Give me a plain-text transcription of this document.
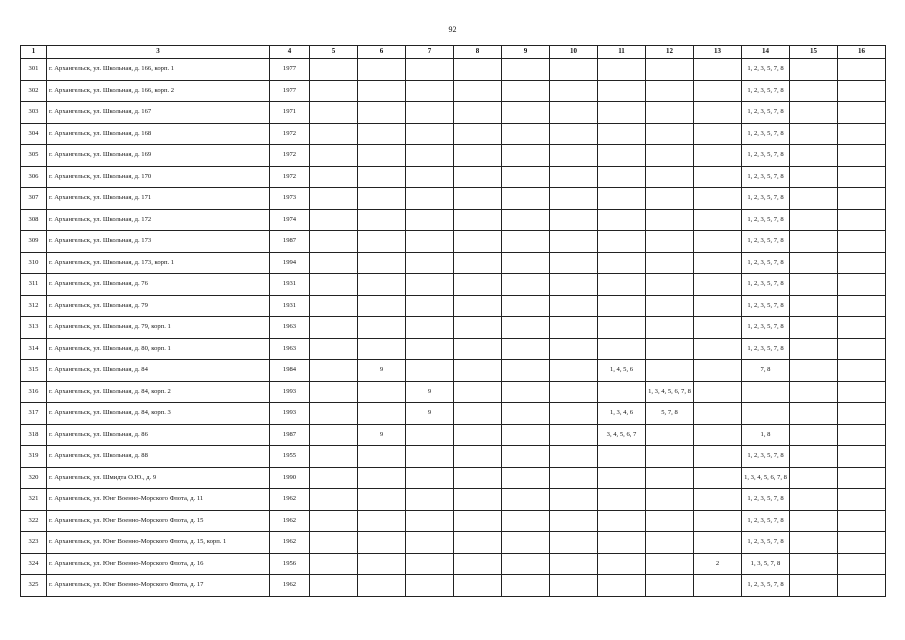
92
1	3	4	5	6	7	8	9	10	11	12	13	14	15	16
301	г. Архангельск, ул. Школьная, д. 166, корп. 1	1977										1, 2, 3, 5, 7, 8		
302	г. Архангельск, ул. Школьная, д. 166, корп. 2	1977										1, 2, 3, 5, 7, 8		
303	г. Архангельск, ул. Школьная, д. 167	1971										1, 2, 3, 5, 7, 8		
304	г. Архангельск, ул. Школьная, д. 168	1972										1, 2, 3, 5, 7, 8		
305	г. Архангельск, ул. Школьная, д. 169	1972										1, 2, 3, 5, 7, 8		
306	г. Архангельск, ул. Школьная, д. 170	1972										1, 2, 3, 5, 7, 8		
307	г. Архангельск, ул. Школьная, д. 171	1973										1, 2, 3, 5, 7, 8		
308	г. Архангельск, ул. Школьная, д. 172	1974										1, 2, 3, 5, 7, 8		
309	г. Архангельск, ул. Школьная, д. 173	1987										1, 2, 3, 5, 7, 8		
310	г. Архангельск, ул. Школьная, д. 173, корп. 1	1994										1, 2, 3, 5, 7, 8		
311	г. Архангельск, ул. Школьная, д. 76	1931										1, 2, 3, 5, 7, 8		
312	г. Архангельск, ул. Школьная, д. 79	1931										1, 2, 3, 5, 7, 8		
313	г. Архангельск, ул. Школьная, д. 79, корп. 1	1963										1, 2, 3, 5, 7, 8		
314	г. Архангельск, ул. Школьная, д. 80, корп. 1	1963										1, 2, 3, 5, 7, 8		
315	г. Архангельск, ул. Школьная, д. 84	1984		9					1, 4, 5, 6			7, 8		
316	г. Архангельск, ул. Школьная, д. 84, корп. 2	1993			9					1, 3, 4, 5, 6, 7, 8				
317	г. Архангельск, ул. Школьная, д. 84, корп. 3	1993			9				1, 3, 4, 6	5, 7, 8				
318	г. Архангельск, ул. Школьная, д. 86	1987		9					3, 4, 5, 6, 7			1, 8		
319	г. Архангельск, ул. Школьная, д. 88	1955										1, 2, 3, 5, 7, 8		
320	г. Архангельск, ул. Шмидта О.Ю., д. 9	1990										1, 3, 4, 5, 6, 7, 8		
321	г. Архангельск, ул. Юнг Военно-Морского Флота, д. 11	1962										1, 2, 3, 5, 7, 8		
322	г. Архангельск, ул. Юнг Военно-Морского Флота, д. 15	1962										1, 2, 3, 5, 7, 8		
323	г. Архангельск, ул. Юнг Военно-Морского Флота, д. 15, корп. 1	1962										1, 2, 3, 5, 7, 8		
324	г. Архангельск, ул. Юнг Военно-Морского Флота, д. 16	1956									2	1, 3, 5, 7, 8		
325	г. Архангельск, ул. Юнг Военно-Морского Флота, д. 17	1962										1, 2, 3, 5, 7, 8		
